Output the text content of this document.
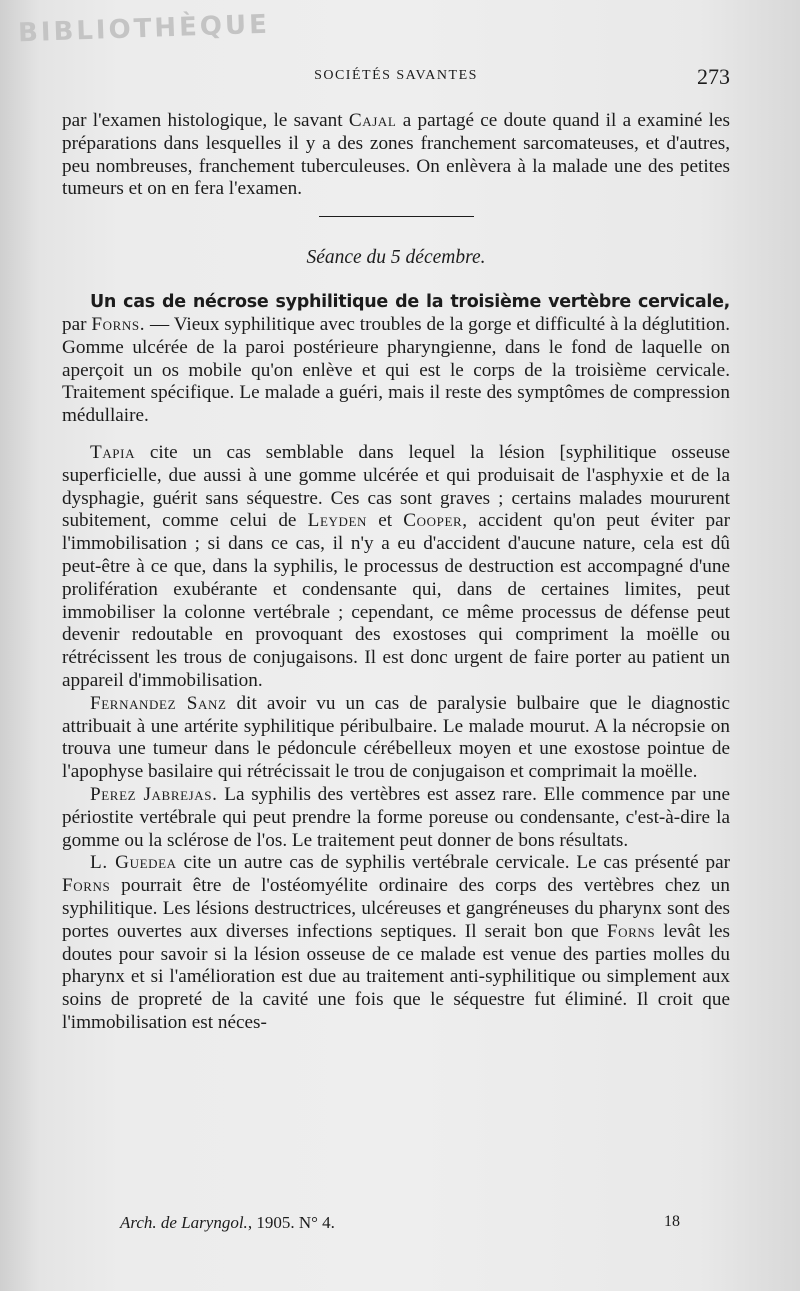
BIBLIOTHÈQUE
SOCIÉTÉS SAVANTES	273

par l'examen histologique, le savant Cajal a partagé ce doute quand il a examiné les préparations dans lesquelles il y a des zones franchement sarcomateuses, et d'autres, peu nombreuses, franchement tuberculeuses. On enlèvera à la malade une des petites tumeurs et on en fera l'examen.

Séance du 5 décembre.

Un cas de nécrose syphilitique de la troisième vertèbre cervicale, par Forns. — Vieux syphilitique avec troubles de la gorge et difficulté à la déglutition. Gomme ulcérée de la paroi postérieure pharyngienne, dans le fond de laquelle on aperçoit un os mobile qu'on enlève et qui est le corps de la troisième cervicale. Traitement spécifique. Le malade a guéri, mais il reste des symptômes de compression médullaire.

Tapia cite un cas semblable dans lequel la lésion [syphilitique osseuse superficielle, due aussi à une gomme ulcérée et qui produisait de l'asphyxie et de la dysphagie, guérit sans séquestre. Ces cas sont graves ; certains malades moururent subitement, comme celui de Leyden et Cooper, accident qu'on peut éviter par l'immobilisation ; si dans ce cas, il n'y a eu d'accident d'aucune nature, cela est dû peut-être à ce que, dans la syphilis, le processus de destruction est accompagné d'une prolifération exubérante et condensante qui, dans de certaines limites, peut immobiliser la colonne vertébrale ; cependant, ce même processus de défense peut devenir redoutable en provoquant des exostoses qui compriment la moëlle ou rétrécissent les trous de conjugaisons. Il est donc urgent de faire porter au patient un appareil d'immobilisation.

Fernandez Sanz dit avoir vu un cas de paralysie bulbaire que le diagnostic attribuait à une artérite syphilitique péribulbaire. Le malade mourut. A la nécropsie on trouva une tumeur dans le pédoncule cérébelleux moyen et une exostose pointue de l'apophyse basilaire qui rétrécissait le trou de conjugaison et comprimait la moëlle.

Perez Jabrejas. La syphilis des vertèbres est assez rare. Elle commence par une périostite vertébrale qui peut prendre la forme poreuse ou condensante, c'est-à-dire la gomme ou la sclérose de l'os. Le traitement peut donner de bons résultats.

L. Guedea cite un autre cas de syphilis vertébrale cervicale. Le cas présenté par Forns pourrait être de l'ostéomyélite ordinaire des corps des vertèbres chez un syphilitique. Les lésions destructrices, ulcéreuses et gangréneuses du pharynx sont des portes ouvertes aux diverses infections septiques. Il serait bon que Forns levât les doutes pour savoir si la lésion osseuse de ce malade est venue des parties molles du pharynx et si l'amélioration est due au traitement anti-syphilitique ou simplement aux soins de propreté de la cavité une fois que le séquestre fut éliminé. Il croit que l'immobilisation est néces-

Arch. de Laryngol., 1905. N° 4.	18
